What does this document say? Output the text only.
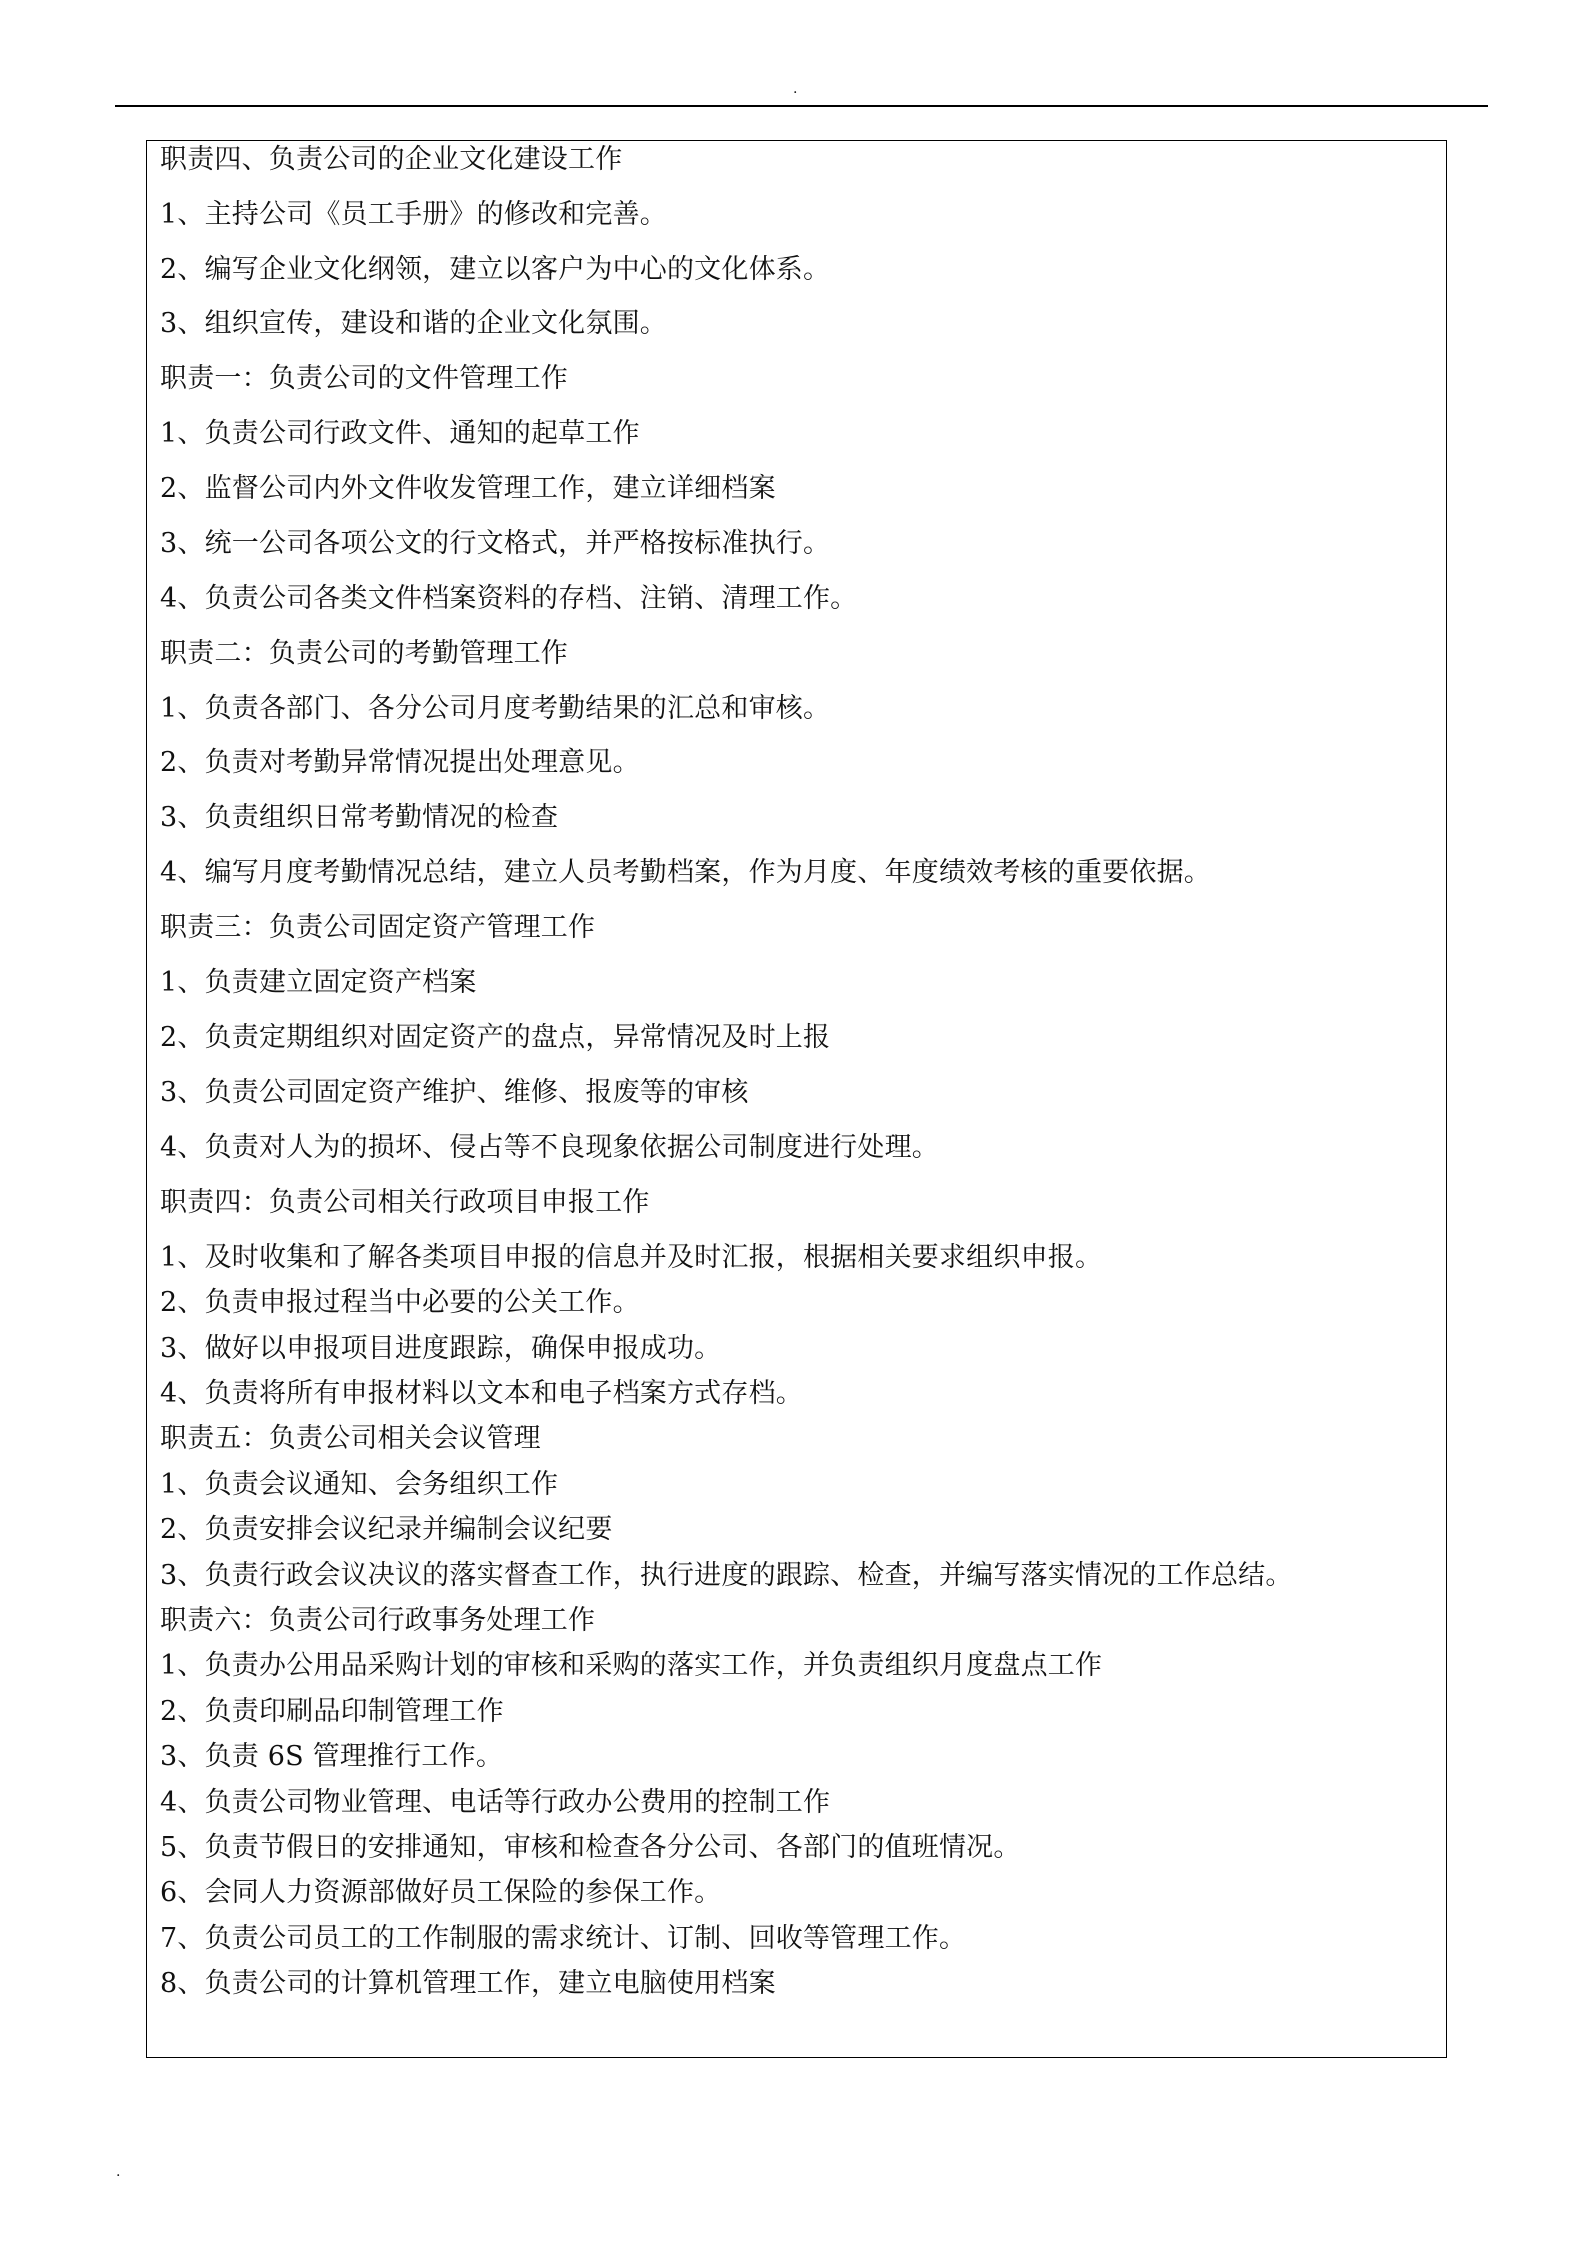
.
职责四、负责公司的企业文化建设工作
1、主持公司《员工手册》的修改和完善。
2、编写企业文化纲领，建立以客户为中心的文化体系。
3、组织宣传，建设和谐的企业文化氛围。
职责一：负责公司的文件管理工作
1、负责公司行政文件、通知的起草工作
2、监督公司内外文件收发管理工作，建立详细档案
3、统一公司各项公文的行文格式，并严格按标准执行。
4、负责公司各类文件档案资料的存档、注销、清理工作。
职责二：负责公司的考勤管理工作
1、负责各部门、各分公司月度考勤结果的汇总和审核。
2、负责对考勤异常情况提出处理意见。
3、负责组织日常考勤情况的检查
4、编写月度考勤情况总结，建立人员考勤档案，作为月度、年度绩效考核的重要依据。
职责三：负责公司固定资产管理工作
1、负责建立固定资产档案
2、负责定期组织对固定资产的盘点，异常情况及时上报
3、负责公司固定资产维护、维修、报废等的审核
4、负责对人为的损坏、侵占等不良现象依据公司制度进行处理。
职责四：负责公司相关行政项目申报工作
1、及时收集和了解各类项目申报的信息并及时汇报，根据相关要求组织申报。
2、负责申报过程当中必要的公关工作。
3、做好以申报项目进度跟踪，确保申报成功。
4、负责将所有申报材料以文本和电子档案方式存档。
职责五：负责公司相关会议管理
1、负责会议通知、会务组织工作
2、负责安排会议纪录并编制会议纪要
3、负责行政会议决议的落实督查工作，执行进度的跟踪、检查，并编写落实情况的工作总结。
职责六：负责公司行政事务处理工作
1、负责办公用品采购计划的审核和采购的落实工作，并负责组织月度盘点工作
2、负责印刷品印制管理工作
3、负责 6S 管理推行工作。
4、负责公司物业管理、电话等行政办公费用的控制工作
5、负责节假日的安排通知，审核和检查各分公司、各部门的值班情况。
6、会同人力资源部做好员工保险的参保工作。
7、负责公司员工的工作制服的需求统计、订制、回收等管理工作。
8、负责公司的计算机管理工作，建立电脑使用档案
.
